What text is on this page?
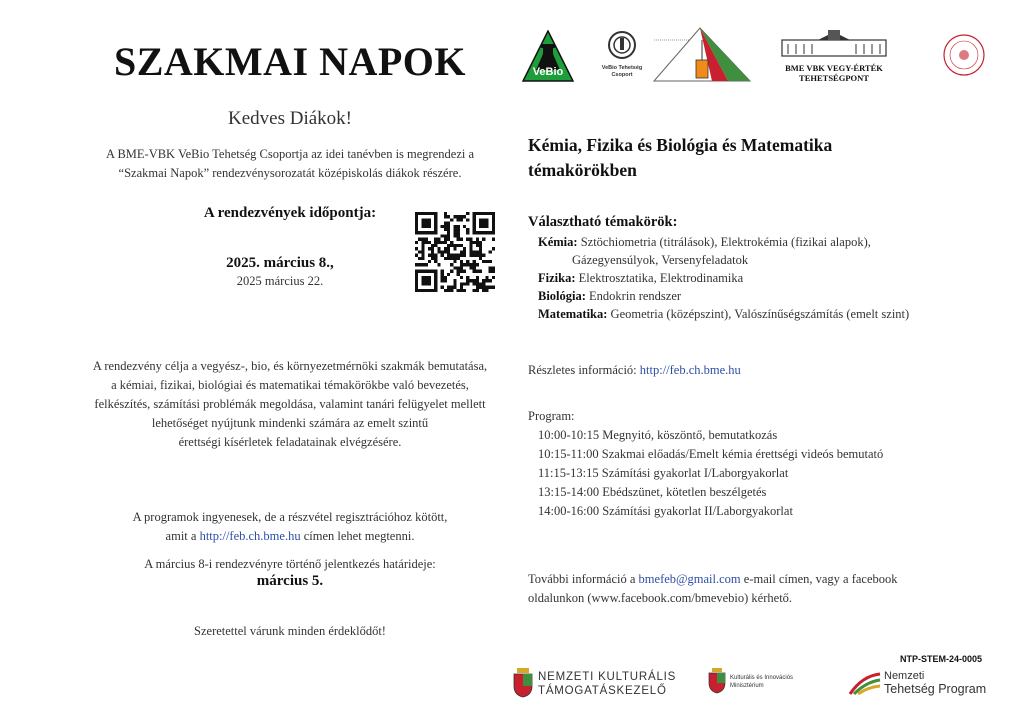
SZAKMAI NAPOK
Kedves Diákok!
A BME-VBK VeBio Tehetség Csoportja az idei tanévben is megrendezi a
“Szakmai Napok” rendezvénysorozatát középiskolás diákok részére.
A rendezvények időpontja:
2025. március 8.,
2025 március 22.
A rendezvény célja a vegyész-, bio, és környezetmérnöki szakmák bemutatása,
a kémiai, fizikai, biológiai és matematikai témakörökbe való bevezetés,
felkészítés, számítási problémák megoldása, valamint tanári felügyelet mellett
lehetőséget nyújtunk mindenki számára az emelt szintű
érettségi kísérletek feladatainak elvégzésére.
A programok ingyenesek, de a részvétel regisztrációhoz kötött,
amit a http://feb.ch.bme.hu címen lehet megtenni.
A március 8-i rendezvényre történő jelentkezés határideje:
március 5.
Szeretettel várunk minden érdeklődőt!
VeBio	VeBio Tehetség
Csoport
BME VBK VEGY-ÉRTÉK
TEHETSÉGPONT
Kémia, Fizika és Biológia és Matematika
témakörökben
Választható témakörök:
Kémia: Sztöchiometria (titrálások), Elektrokémia (fizikai alapok),
Gázegyensúlyok, Versenyfeladatok
Fizika: Elektrosztatika, Elektrodinamika
Biológia: Endokrin rendszer
Matematika: Geometria (középszint), Valószínűségszámítás (emelt szint)
Részletes információ: http://feb.ch.bme.hu
Program:
10:00-10:15 Megnyitó, köszöntő, bemutatkozás
10:15-11:00 Szakmai előadás/Emelt kémia érettségi videós bemutató
11:15-13:15 Számítási gyakorlat I/Laborgyakorlat
13:15-14:00 Ebédszünet, kötetlen beszélgetés
14:00-16:00 Számítási gyakorlat II/Laborgyakorlat
További információ a bmefeb@gmail.com e-mail címen, vagy a facebook
oldalunkon (www.facebook.com/bmevebio) kérhető.
NTP-STEM-24-0005
NEMZETI KULTURÁLIS
TÁMOGATÁSKEZELŐ
Kulturális és Innovációs
Minisztérium
Nemzeti
Tehetség Program
